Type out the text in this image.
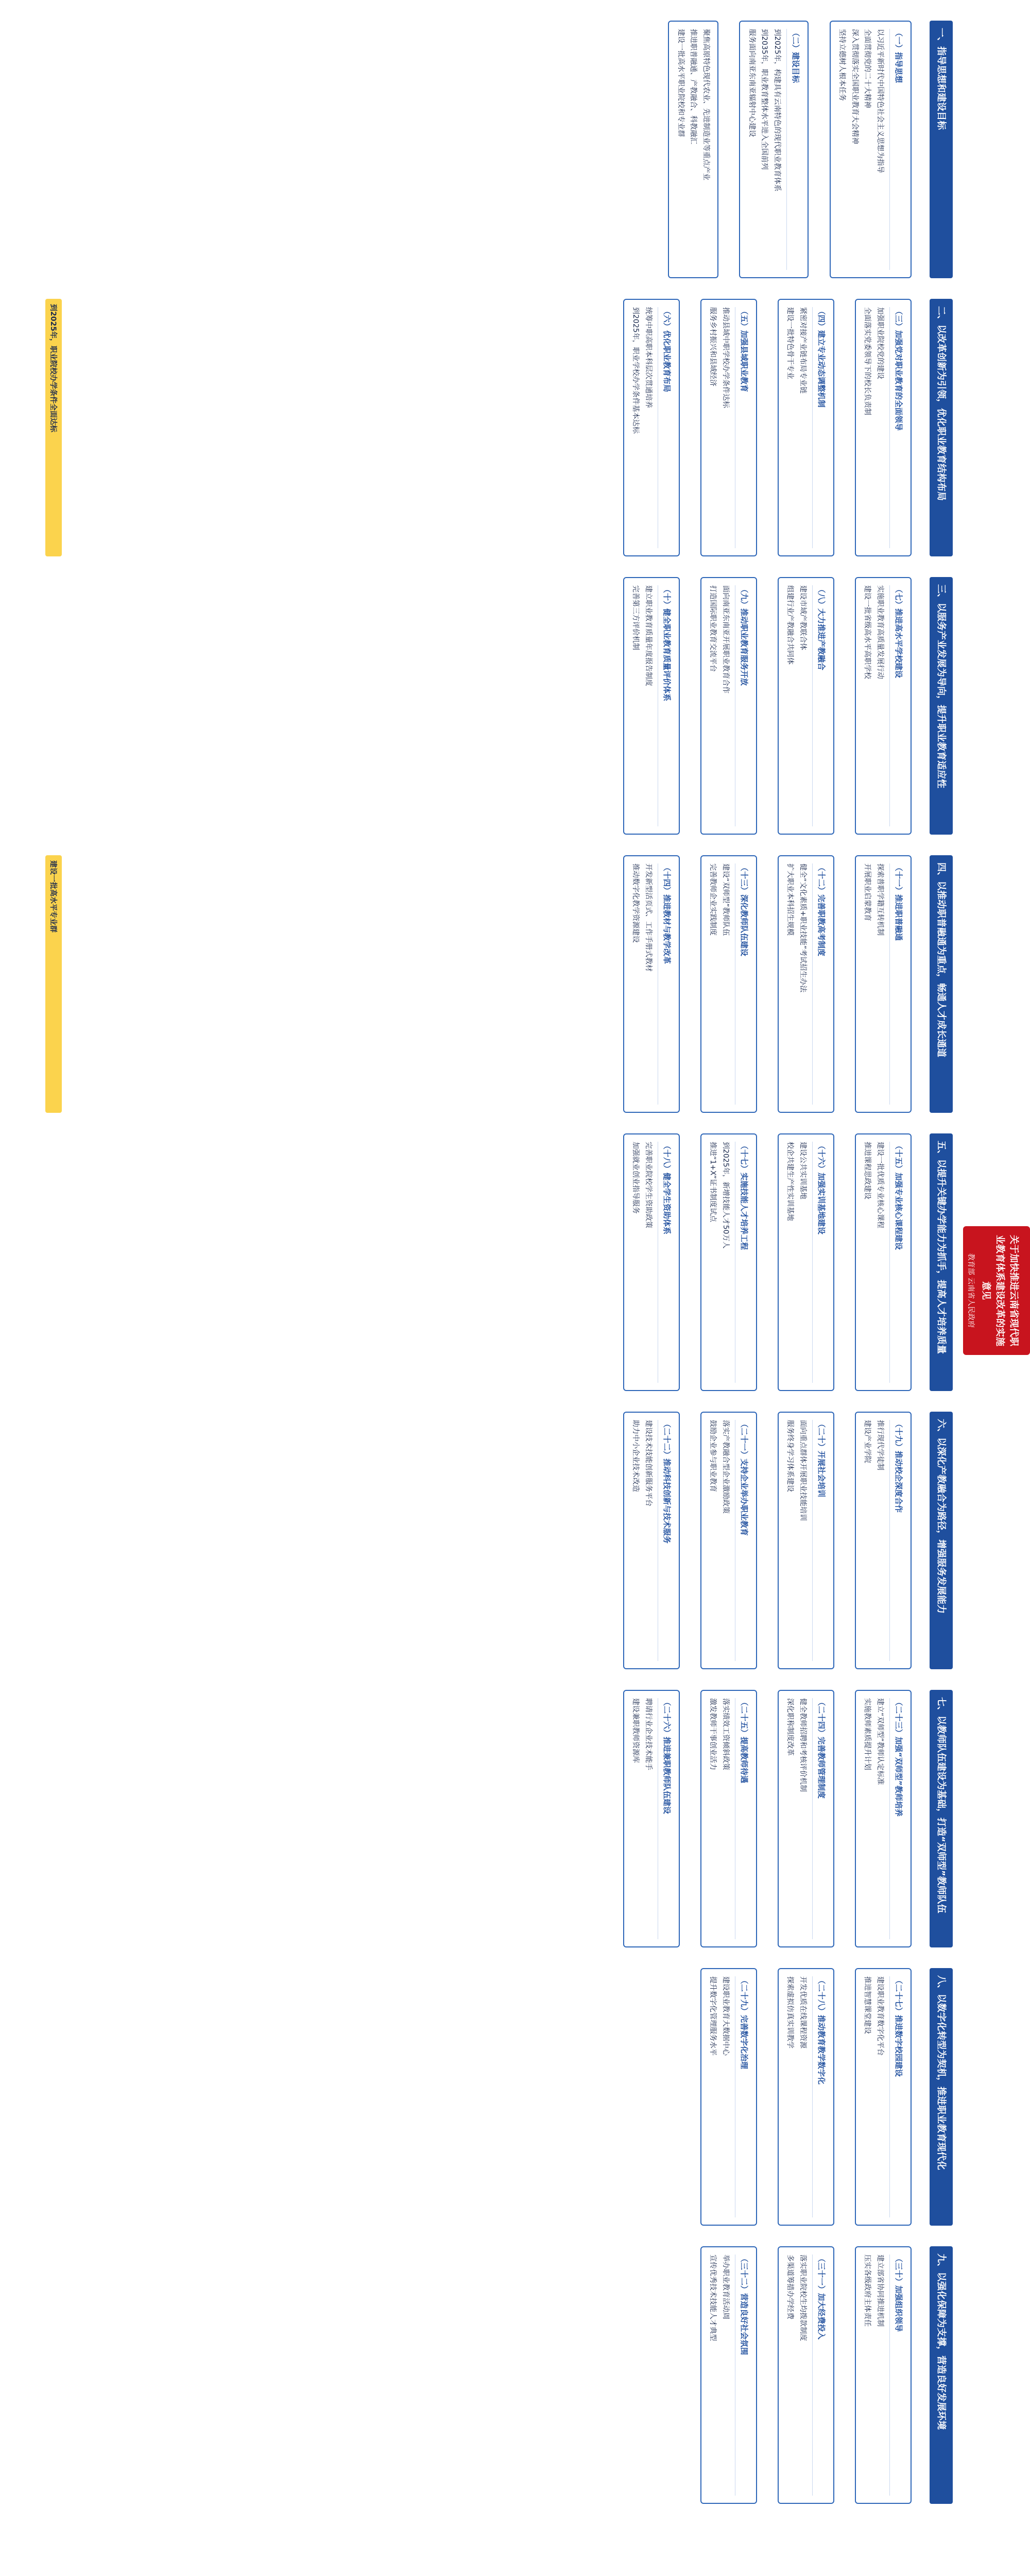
关于加快推进云南省现代职业教育体系建设改革的实施意见
教育部 云南省人民政府
一、指导思想和建设目标
（一）指导思想
以习近平新时代中国特色社会主义思想为指导
全面贯彻党的二十大精神
深入贯彻落实全国职业教育大会精神
坚持立德树人根本任务
（二）建设目标
到2025年，构建具有云南特色的现代职业教育体系
到2035年，职业教育整体水平进入全国前列
服务面向南亚东南亚辐射中心建设
聚焦高原特色现代农业、先进制造业等重点产业
推进职普融通、产教融合、科教融汇
建设一批高水平职业院校和专业群
二、以改革创新为引领，优化职业教育结构布局
（三）加强党对职业教育的全面领导
加强职业院校党的建设
全面落实党委领导下的校长负责制
（四）建立专业动态调整机制
紧密对接产业链布局专业链
建设一批特色骨干专业
（五）加强县域职业教育
推动县域中职学校办学条件达标
服务乡村振兴和县域经济
（六）优化职业教育布局
统筹中职高职本科层次贯通培养
到2025年，职业学校办学条件基本达标
三、以服务产业发展为导向，提升职业教育适应性
（七）推进高水平学校建设
实施职业教育高质量发展行动
建设一批省级高水平高职学校
（八）大力推进产教融合
建设市域产教联合体
组建行业产教融合共同体
（九）推动职业教育服务开放
面向南亚东南亚开展职业教育合作
打造国际职业教育交流平台
（十）健全职业教育质量评价体系
建立职业教育质量年度报告制度
完善第三方评价机制
四、以推动职普融通为重点，畅通人才成长通道
（十一）推进职普融通
探索普职学籍互转机制
开展职业启蒙教育
（十二）完善职教高考制度
健全“文化素质+职业技能”考试招生办法
扩大职业本科招生规模
（十三）深化教师队伍建设
建设“双师型”教师队伍
完善教师企业实践制度
（十四）推进教材与教学改革
开发新型活页式、工作手册式教材
推动数字化教学资源建设
五、以提升关键办学能力为抓手，提高人才培养质量
（十五）加强专业核心课程建设
建设一批优质专业核心课程
推进课程思政建设
（十六）加强实训基地建设
建设公共实训基地
校企共建生产性实训基地
（十七）实施技能人才培养工程
到2025年，新增技能人才50万人
推进“1+X”证书制度试点
（十八）健全学生资助体系
完善职业院校学生资助政策
加强就业创业指导服务
六、以深化产教融合为路径，增强服务发展能力
（十九）推动校企深度合作
推行现代学徒制
建设产业学院
（二十）开展社会培训
面向重点群体开展职业技能培训
服务终身学习体系建设
（二十一）支持企业举办职业教育
落实产教融合型企业激励政策
鼓励企业参与职业教育
（二十二）推动科技创新与技术服务
建设技术技能创新服务平台
助力中小企业技术改造
七、以教师队伍建设为基础，打造“双师型”教师队伍
（二十三）加强“双师型”教师培养
建立“双师型”教师认定标准
实施教师素质提升计划
（二十四）完善教师管理制度
健全教师招聘和考核评价机制
深化职称制度改革
（二十五）提高教师待遇
落实绩效工资倾斜政策
激发教师干事创业活力
（二十六）推进兼职教师队伍建设
聘请行业企业技术能手
建设兼职教师资源库
八、以数字化转型为契机，推进职业教育现代化
（二十七）推进数字校园建设
建设职业教育数字化平台
推进智慧课堂建设
（二十八）推动教育教学数字化
开发优质在线课程资源
探索虚拟仿真实训教学
（二十九）完善数字化治理
建设职业教育大数据中心
提升数字化管理服务水平
九、以强化保障为支撑，营造良好发展环境
（三十）加强组织领导
建立部省协同推进机制
压实各级政府主体责任
（三十一）加大经费投入
落实职业院校生均拨款制度
多渠道筹措办学经费
（三十二）营造良好社会氛围
举办职业教育活动周
宣传优秀技术技能人才典型
到2025年，职业院校办学条件全面达标
建设一批高水平专业群
